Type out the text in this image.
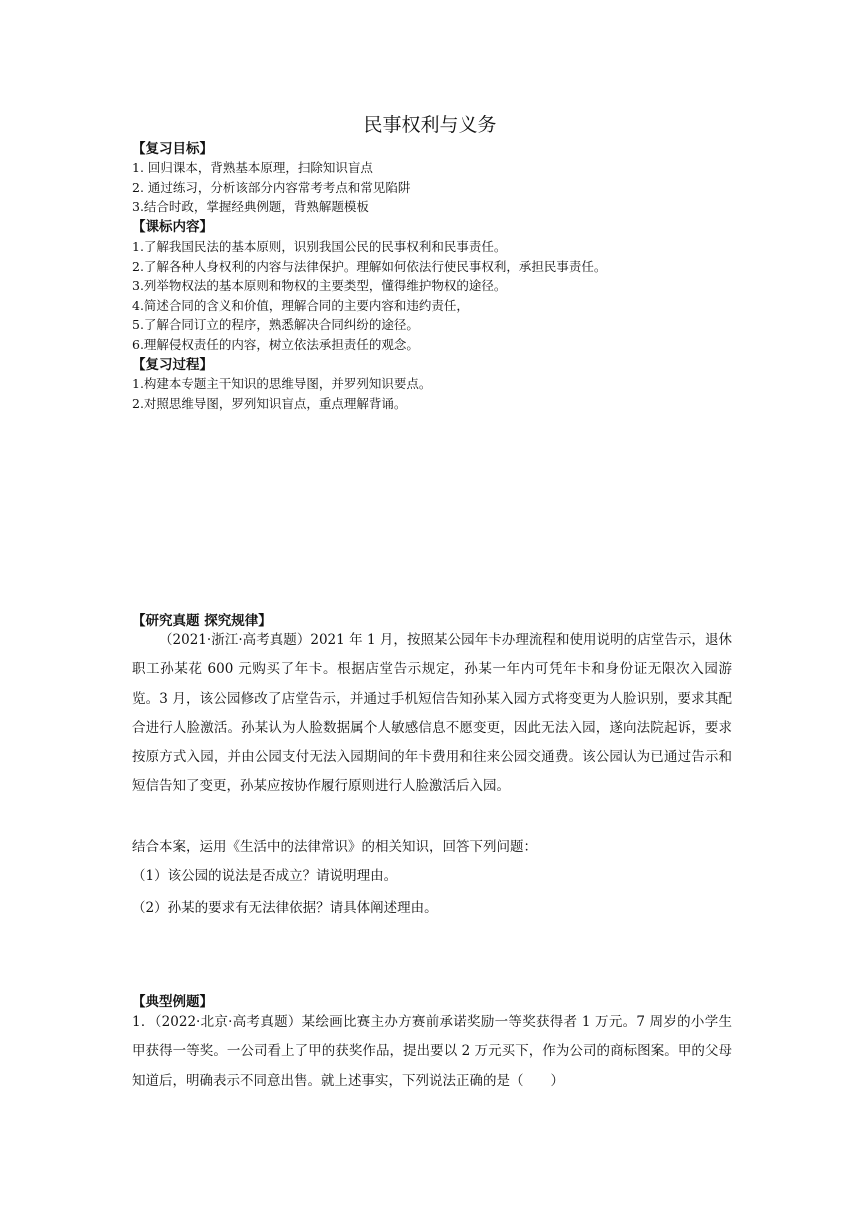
民事权利与义务
【复习目标】
1. 回归课本，背熟基本原理，扫除知识盲点
2. 通过练习，分析该部分内容常考考点和常见陷阱
3.结合时政，掌握经典例题，背熟解题模板
【课标内容】
1.了解我国民法的基本原则，识别我国公民的民事权利和民事责任。
2.了解各种人身权利的内容与法律保护。理解如何依法行使民事权利，承担民事责任。
3.列举物权法的基本原则和物权的主要类型，懂得维护物权的途径。
4.简述合同的含义和价值，理解合同的主要内容和违约责任，
5.了解合同订立的程序，熟悉解决合同纠纷的途径。
6.理解侵权责任的内容，树立依法承担责任的观念。
【复习过程】
1.构建本专题主干知识的思维导图，并罗列知识要点。
2.对照思维导图，罗列知识盲点，重点理解背诵。
【研究真题 探究规律】
（2021·浙江·高考真题）2021 年 1 月，按照某公园年卡办理流程和使用说明的店堂告示，退休职工孙某花 600 元购买了年卡。根据店堂告示规定，孙某一年内可凭年卡和身份证无限次入园游览。3 月，该公园修改了店堂告示，并通过手机短信告知孙某入园方式将变更为人脸识别，要求其配合进行人脸激活。孙某认为人脸数据属个人敏感信息不愿变更，因此无法入园，遂向法院起诉，要求按原方式入园，并由公园支付无法入园期间的年卡费用和往来公园交通费。该公园认为已通过告示和短信告知了变更，孙某应按协作履行原则进行人脸激活后入园。
结合本案，运用《生活中的法律常识》的相关知识，回答下列问题：
（1）该公园的说法是否成立？请说明理由。
（2）孙某的要求有无法律依据？请具体阐述理由。
【典型例题】
1．（2022·北京·高考真题）某绘画比赛主办方赛前承诺奖励一等奖获得者 1 万元。7 周岁的小学生甲获得一等奖。一公司看上了甲的获奖作品，提出要以 2 万元买下，作为公司的商标图案。甲的父母知道后，明确表示不同意出售。就上述事实，下列说法正确的是（　　）
